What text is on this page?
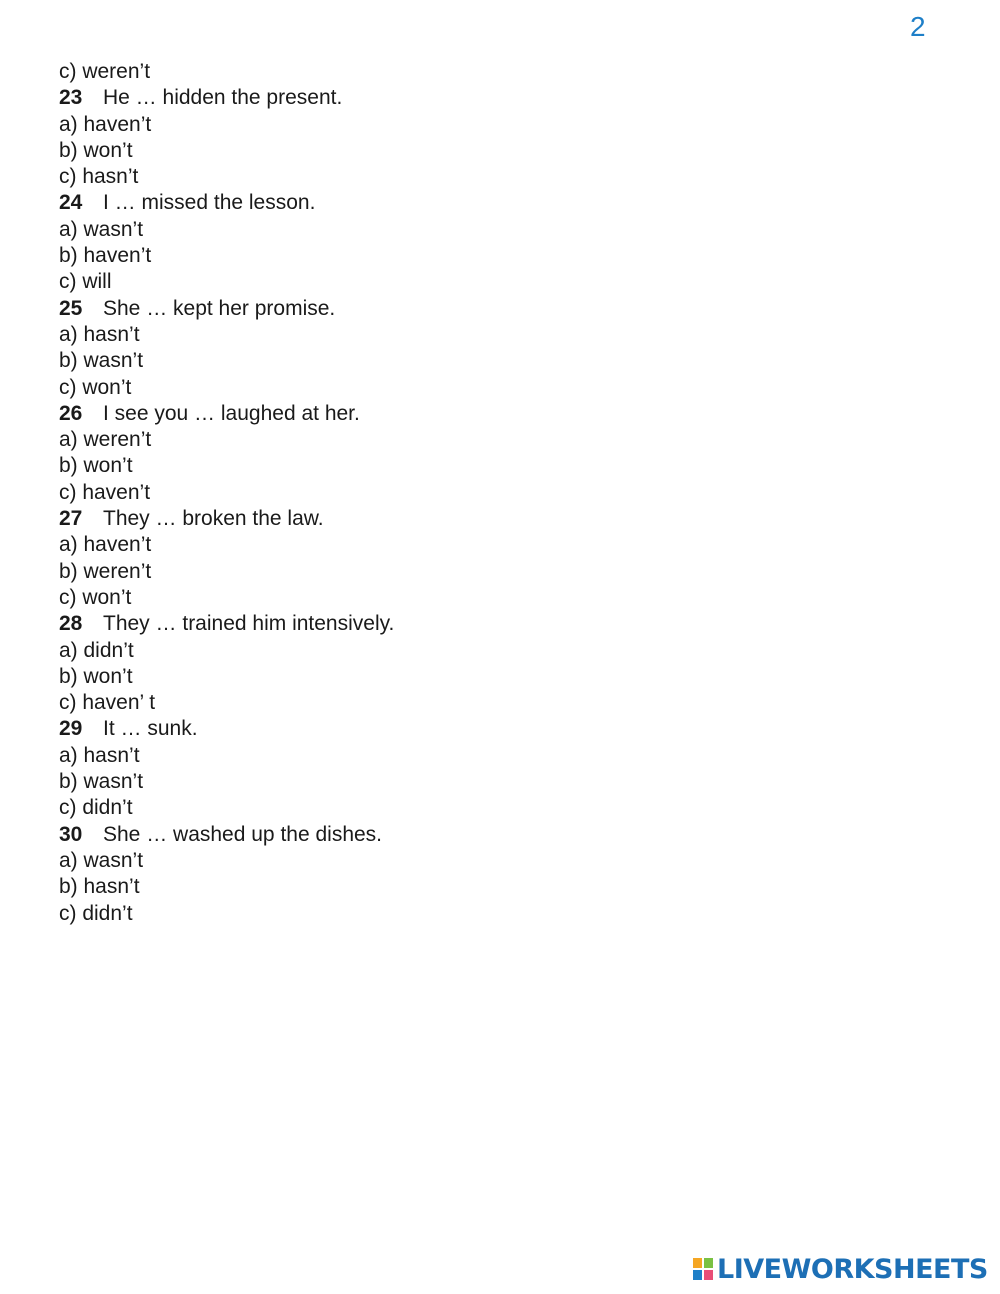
2
c) weren’t
23 He … hidden the present.
a) haven’t
b) won’t
c) hasn’t
24 I … missed the lesson.
a) wasn’t
b) haven’t
c) will
25 She … kept her promise.
a) hasn’t
b) wasn’t
c) won’t
26 I see you … laughed at her.
a) weren’t
b) won’t
c) haven’t
27 They … broken the law.
a) haven’t
b) weren’t
c) won’t
28 They … trained him intensively.
a) didn’t
b) won’t
c) haven’ t
29 It … sunk.
a) hasn’t
b) wasn’t
c) didn’t
30 She … washed up the dishes.
a) wasn’t
b) hasn’t
c) didn’t
LIVEWORKSHEETS
